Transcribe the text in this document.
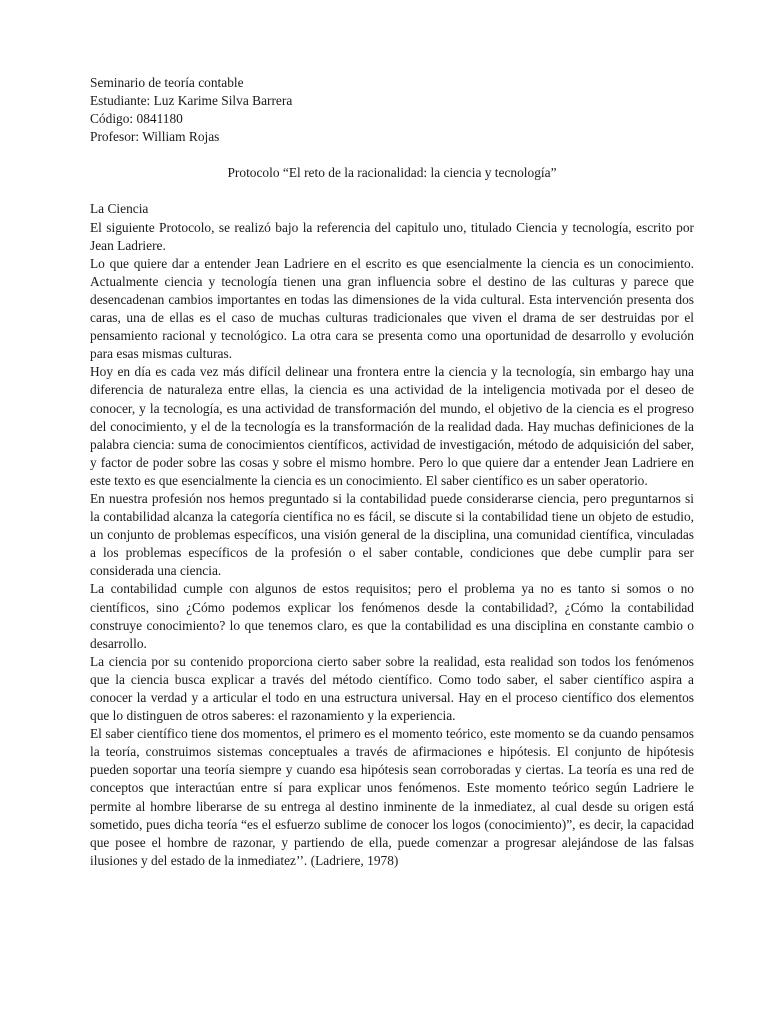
Seminario de teoría contable
Estudiante: Luz Karime Silva Barrera
Código: 0841180
Profesor: William Rojas
Protocolo “El reto de la racionalidad: la ciencia y tecnología”
La Ciencia

El siguiente Protocolo, se realizó bajo la referencia del capitulo uno, titulado Ciencia y tecnología, escrito por Jean Ladriere.

Lo que quiere dar a entender Jean Ladriere en el escrito es que esencialmente la ciencia es un conocimiento. Actualmente ciencia y tecnología tienen una gran influencia sobre el destino de las culturas y parece que desencadenan cambios importantes en todas las dimensiones de la vida cultural. Esta intervención presenta dos caras, una de ellas es el caso de muchas culturas tradicionales que viven el drama de ser destruidas por el pensamiento racional y tecnológico. La otra cara se presenta como una oportunidad de desarrollo y evolución para esas mismas culturas.

Hoy en día es cada vez más difícil delinear una frontera entre la ciencia y la tecnología, sin embargo hay una diferencia de naturaleza entre ellas, la ciencia es una actividad de la inteligencia motivada por el deseo de conocer, y la tecnología, es una actividad de transformación del mundo, el objetivo de la ciencia es el progreso del conocimiento, y el de la tecnología es la transformación de la realidad dada. Hay muchas definiciones de la palabra ciencia: suma de conocimientos científicos, actividad de investigación, método de adquisición del saber, y factor de poder sobre las cosas y sobre el mismo hombre. Pero lo que quiere dar a entender Jean Ladriere en este texto es que esencialmente la ciencia es un conocimiento. El saber científico es un saber operatorio.

En nuestra profesión nos hemos preguntado si la contabilidad puede considerarse ciencia, pero preguntarnos si la contabilidad alcanza la categoría científica no es fácil, se discute si la contabilidad tiene un objeto de estudio, un conjunto de problemas específicos, una visión general de la disciplina, una comunidad científica, vinculadas a los problemas específicos de la profesión o el saber contable, condiciones que debe cumplir para ser considerada una ciencia.

La contabilidad cumple con algunos de estos requisitos; pero el problema ya no es tanto si somos o no científicos, sino ¿Cómo podemos explicar los fenómenos desde la contabilidad?, ¿Cómo la contabilidad construye conocimiento? lo que tenemos claro, es que la contabilidad es una disciplina en constante cambio o desarrollo.

La ciencia por su contenido proporciona cierto saber sobre la realidad, esta realidad son todos los fenómenos que la ciencia busca explicar a través del método científico. Como todo saber, el saber científico aspira a conocer la verdad y a articular el todo en una estructura universal. Hay en el proceso científico dos elementos que lo distinguen de otros saberes: el razonamiento y la experiencia.

El saber científico tiene dos momentos, el primero es el momento teórico, este momento se da cuando pensamos la teoría, construimos sistemas conceptuales a través de afirmaciones e hipótesis. El conjunto de hipótesis pueden soportar una teoría siempre y cuando esa hipótesis sean corroboradas y ciertas. La teoría es una red de conceptos que interactúan entre sí para explicar unos fenómenos. Este momento teórico según Ladriere le permite al hombre liberarse de su entrega al destino inminente de la inmediatez, al cual desde su origen está sometido, pues dicha teoría “es el esfuerzo sublime de conocer los logos (conocimiento)”, es decir, la capacidad que posee el hombre de razonar, y partiendo de ella, puede comenzar a progresar alejándose de las falsas ilusiones y del estado de la inmediatez’’. (Ladriere, 1978)
